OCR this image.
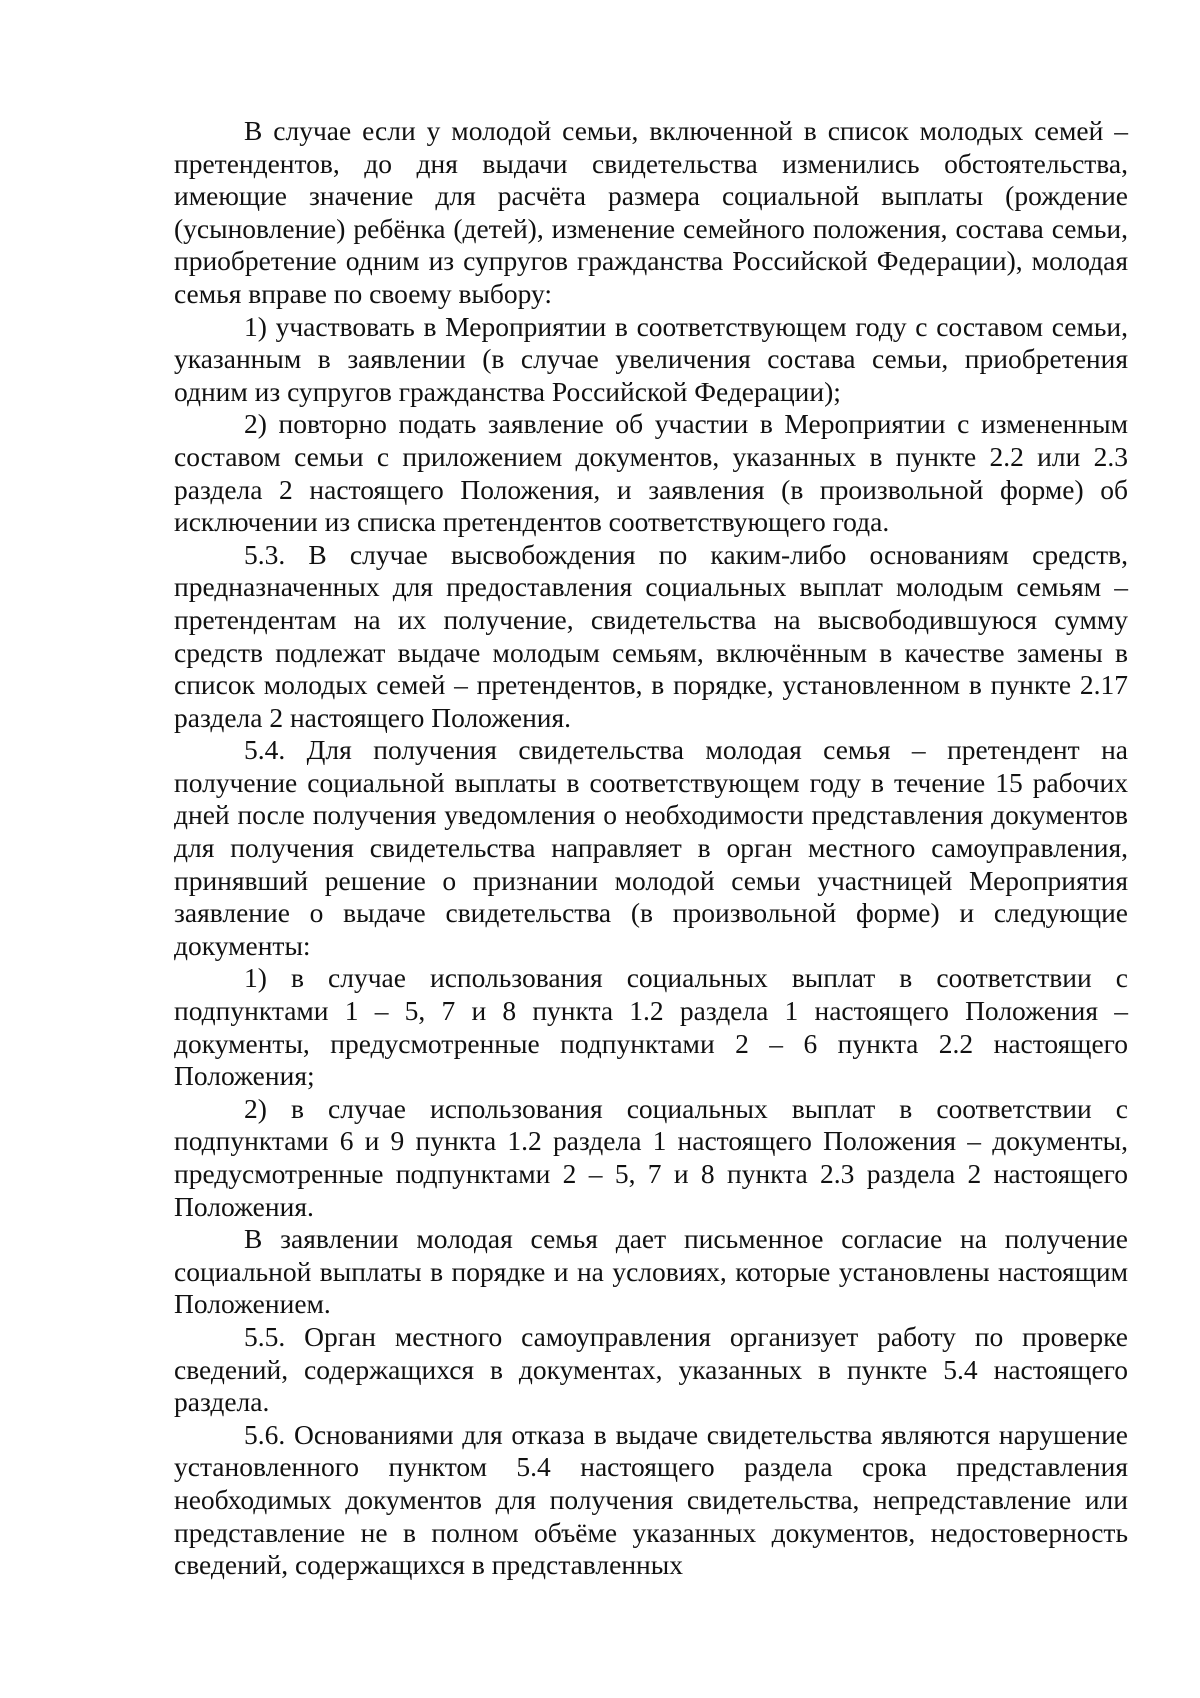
В случае если у молодой семьи, включенной в список молодых семей – претендентов, до дня выдачи свидетельства изменились обстоятельства, имеющие значение для расчёта размера социальной выплаты (рождение (усыновление) ребёнка (детей), изменение семейного положения, состава семьи, приобретение одним из супругов гражданства Российской Федерации), молодая семья вправе по своему выбору:

1) участвовать в Мероприятии в соответствующем году с составом семьи, указанным в заявлении (в случае увеличения состава семьи, приобретения одним из супругов гражданства Российской Федерации);

2) повторно подать заявление об участии в Мероприятии с измененным составом семьи с приложением документов, указанных в пункте 2.2 или 2.3 раздела 2 настоящего Положения, и заявления (в произвольной форме) об исключении из списка претендентов соответствующего года.

5.3. В случае высвобождения по каким-либо основаниям средств, предназначенных для предоставления социальных выплат молодым семьям – претендентам на их получение, свидетельства на высвободившуюся сумму средств подлежат выдаче молодым семьям, включённым в качестве замены в список молодых семей – претендентов, в порядке, установленном в пункте 2.17 раздела 2 настоящего Положения.

5.4. Для получения свидетельства молодая семья – претендент на получение социальной выплаты в соответствующем году в течение 15 рабочих дней после получения уведомления о необходимости представления документов для получения свидетельства направляет в орган местного самоуправления, принявший решение о признании молодой семьи участницей Мероприятия заявление о выдаче свидетельства (в произвольной форме) и следующие документы:

1) в случае использования социальных выплат в соответствии с подпунктами 1 – 5, 7 и 8 пункта 1.2 раздела 1 настоящего Положения – документы, предусмотренные подпунктами 2 – 6 пункта 2.2 настоящего Положения;

2) в случае использования социальных выплат в соответствии с подпунктами 6 и 9 пункта 1.2 раздела 1 настоящего Положения – документы, предусмотренные подпунктами 2 – 5, 7 и 8 пункта 2.3 раздела 2 настоящего Положения.

В заявлении молодая семья дает письменное согласие на получение социальной выплаты в порядке и на условиях, которые установлены настоящим Положением.

5.5. Орган местного самоуправления организует работу по проверке сведений, содержащихся в документах, указанных в пункте 5.4 настоящего раздела.

5.6. Основаниями для отказа в выдаче свидетельства являются нарушение установленного пунктом 5.4 настоящего раздела срока представления необходимых документов для получения свидетельства, непредставление или представление не в полном объёме указанных документов, недостоверность сведений, содержащихся в представленных
